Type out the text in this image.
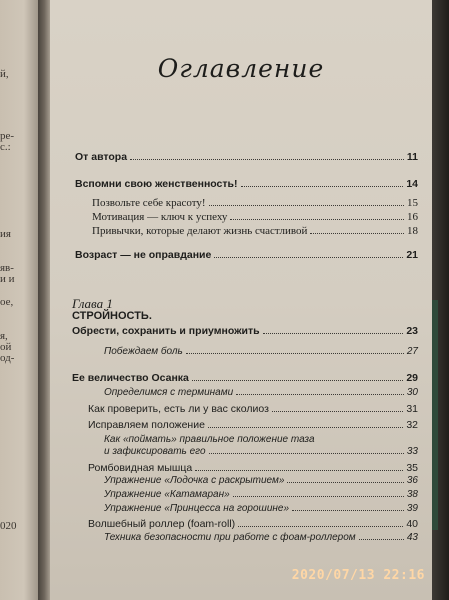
й,
ре-
с.:
ия
яв-
и и
ое,
я,
ой
од-
020
Оглавление
От автора	11
Вспомни свою женственность!	14
Позвольте себе красоту!	15
Мотивация — ключ к успеху	16
Привычки, которые делают жизнь счастливой	18
Возраст — не оправдание	21
Глава 1
СТРОЙНОСТЬ.
Обрести, сохранить и приумножить	23
Побеждаем боль	27
Ее величество Осанка	29
Определимся с терминами	30
Как проверить, есть ли у вас сколиоз	31
Исправляем положение	32
Как «поймать» правильное положение таза
и зафиксировать его	33
Ромбовидная мышца	35
Упражнение «Лодочка с раскрытием»	36
Упражнение «Катамаран»	38
Упражнение «Принцесса на горошине»	39
Волшебный роллер (foam-roll)	40
Техника безопасности при работе с фоам-роллером	43
2020/07/13 22:16
